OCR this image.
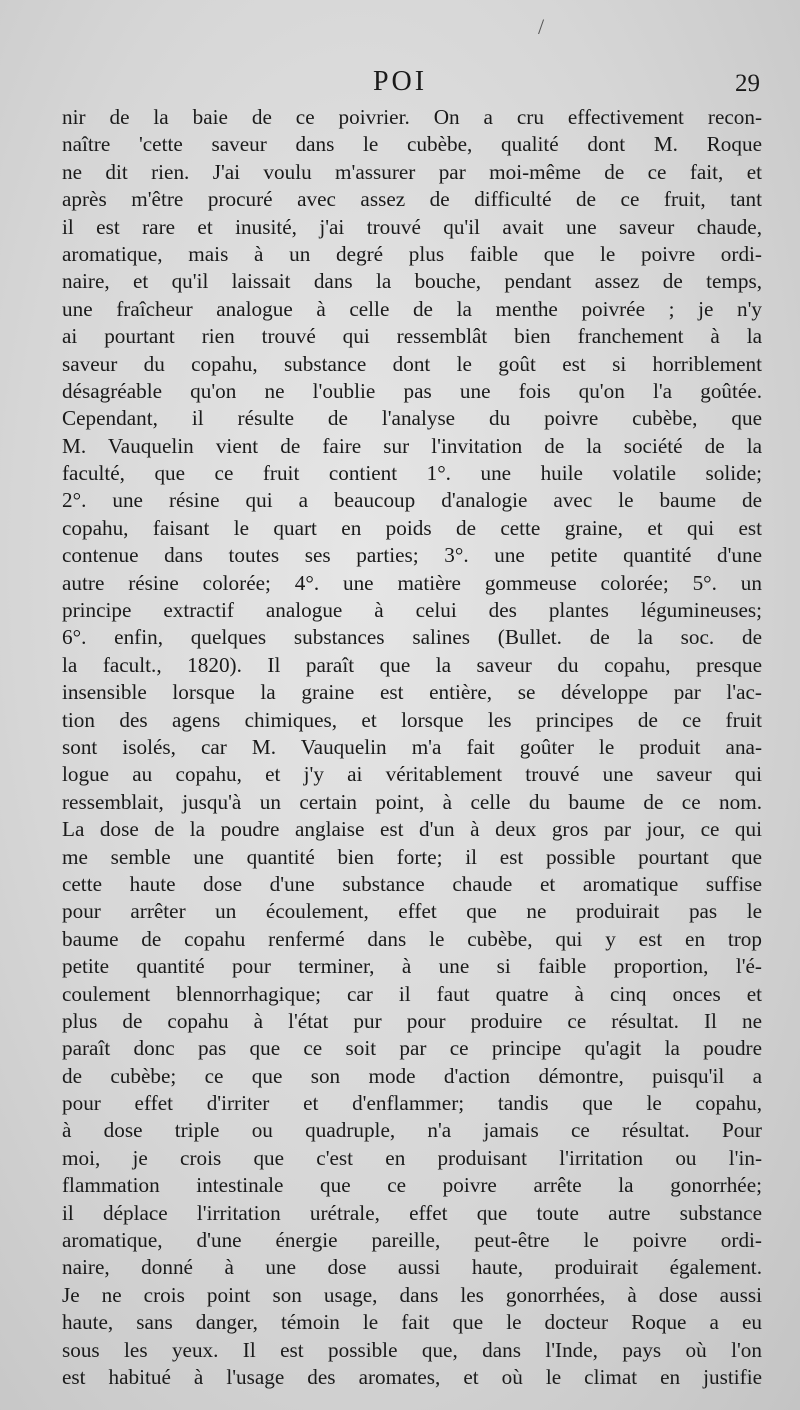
/
POI	29
nir de la baie de ce poivrier. On a cru effectivement recon-
naître 'cette saveur dans le cubèbe, qualité dont M. Roque
ne dit rien. J'ai voulu m'assurer par moi-même de ce fait, et
après m'être procuré avec assez de difficulté de ce fruit, tant
il est rare et inusité, j'ai trouvé qu'il avait une saveur chaude,
aromatique, mais à un degré plus faible que le poivre ordi-
naire, et qu'il laissait dans la bouche, pendant assez de temps,
une fraîcheur analogue à celle de la menthe poivrée ; je n'y
ai pourtant rien trouvé qui ressemblât bien franchement à la
saveur du copahu, substance dont le goût est si horriblement
désagréable qu'on ne l'oublie pas une fois qu'on l'a goûtée.
Cependant, il résulte de l'analyse du poivre cubèbe, que
M. Vauquelin vient de faire sur l'invitation de la société de la
faculté, que ce fruit contient 1°. une huile volatile solide;
2°. une résine qui a beaucoup d'analogie avec le baume de
copahu, faisant le quart en poids de cette graine, et qui est
contenue dans toutes ses parties; 3°. une petite quantité d'une
autre résine colorée; 4°. une matière gommeuse colorée; 5°. un
principe extractif analogue à celui des plantes légumineuses;
6°. enfin, quelques substances salines (Bullet. de la soc. de
la facult., 1820). Il paraît que la saveur du copahu, presque
insensible lorsque la graine est entière, se développe par l'ac-
tion des agens chimiques, et lorsque les principes de ce fruit
sont isolés, car M. Vauquelin m'a fait goûter le produit ana-
logue au copahu, et j'y ai véritablement trouvé une saveur qui
ressemblait, jusqu'à un certain point, à celle du baume de ce nom.
La dose de la poudre anglaise est d'un à deux gros par jour, ce qui
me semble une quantité bien forte; il est possible pourtant que
cette haute dose d'une substance chaude et aromatique suffise
pour arrêter un écoulement, effet que ne produirait pas le
baume de copahu renfermé dans le cubèbe, qui y est en trop
petite quantité pour terminer, à une si faible proportion, l'é-
coulement blennorrhagique; car il faut quatre à cinq onces et
plus de copahu à l'état pur pour produire ce résultat. Il ne
paraît donc pas que ce soit par ce principe qu'agit la poudre
de cubèbe; ce que son mode d'action démontre, puisqu'il a
pour effet d'irriter et d'enflammer; tandis que le copahu,
à dose triple ou quadruple, n'a jamais ce résultat. Pour
moi, je crois que c'est en produisant l'irritation ou l'in-
flammation intestinale que ce poivre arrête la gonorrhée;
il déplace l'irritation urétrale, effet que toute autre substance
aromatique, d'une énergie pareille, peut-être le poivre ordi-
naire, donné à une dose aussi haute, produirait également.
Je ne crois point son usage, dans les gonorrhées, à dose aussi
haute, sans danger, témoin le fait que le docteur Roque a eu
sous les yeux. Il est possible que, dans l'Inde, pays où l'on
est habitué à l'usage des aromates, et où le climat en justifie
